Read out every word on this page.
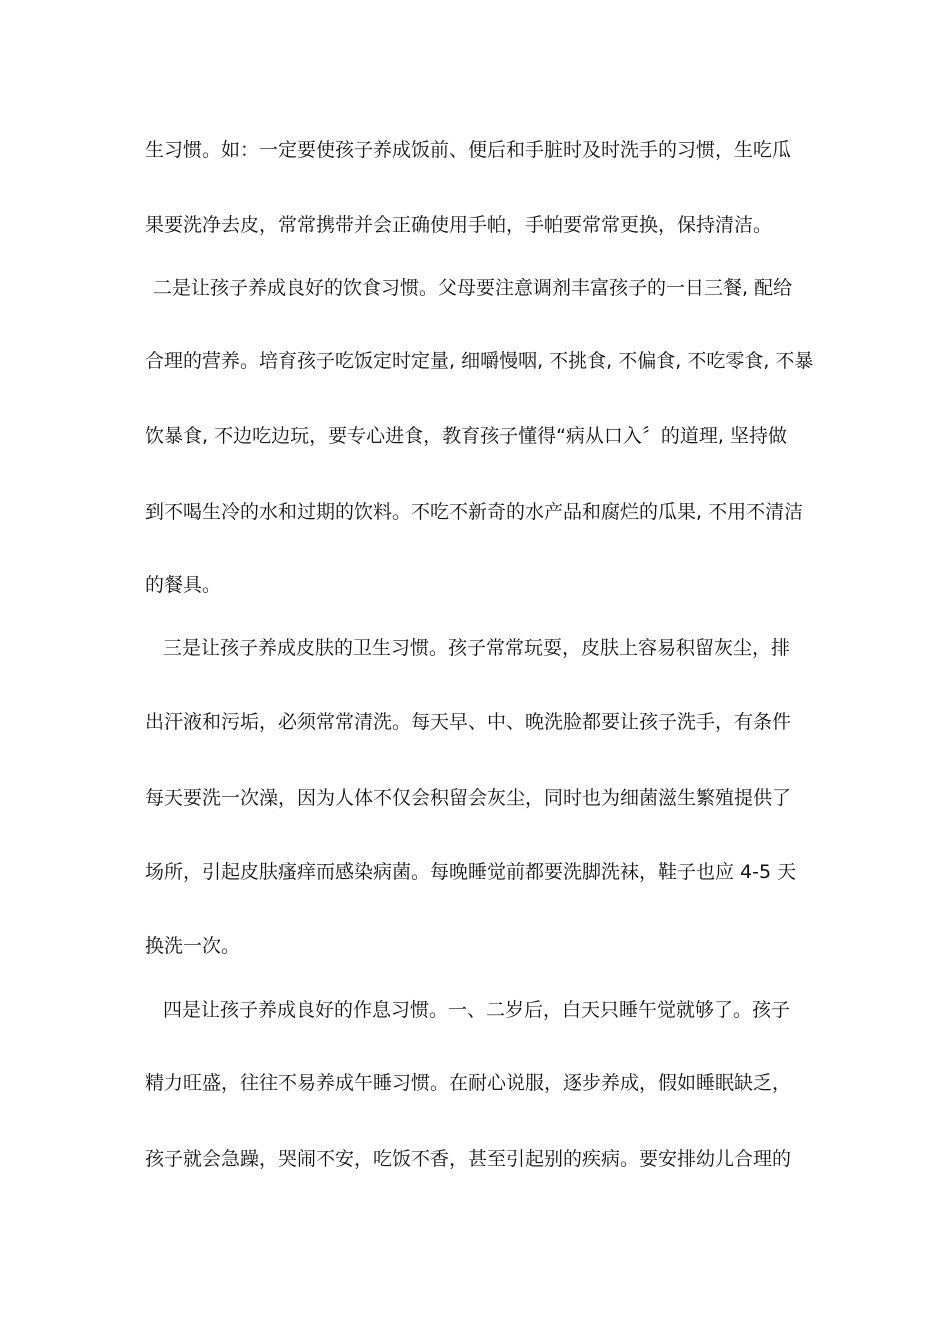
生习惯。如：一定要使孩子养成饭前、便后和手脏时及时洗手的习惯，生吃瓜
果要洗净去皮，常常携带并会正确使用手帕，手帕要常常更换，保持清洁。
二是让孩子养成良好的饮食习惯。父母要注意调剂丰富孩子的一日三餐, 配给
合理的营养。培育孩子吃饭定时定量, 细嚼慢咽, 不挑食, 不偏食, 不吃零食, 不暴
饮暴食, 不边吃边玩，要专心进食，教育孩子懂得“病从口入〞的道理, 坚持做
到不喝生冷的水和过期的饮料。不吃不新奇的水产品和腐烂的瓜果, 不用不清洁
的餐具。
三是让孩子养成皮肤的卫生习惯。孩子常常玩耍，皮肤上容易积留灰尘，排
出汗液和污垢，必须常常清洗。每天早、中、晚洗脸都要让孩子洗手，有条件
每天要洗一次澡，因为人体不仅会积留会灰尘，同时也为细菌滋生繁殖提供了
场所，引起皮肤瘙痒而感染病菌。每晚睡觉前都要洗脚洗袜，鞋子也应 4-5 天
换洗一次。
四是让孩子养成良好的作息习惯。一、二岁后，白天只睡午觉就够了。孩子
精力旺盛，往往不易养成午睡习惯。在耐心说服，逐步养成，假如睡眠缺乏，
孩子就会急躁，哭闹不安，吃饭不香，甚至引起别的疾病。要安排幼儿合理的
